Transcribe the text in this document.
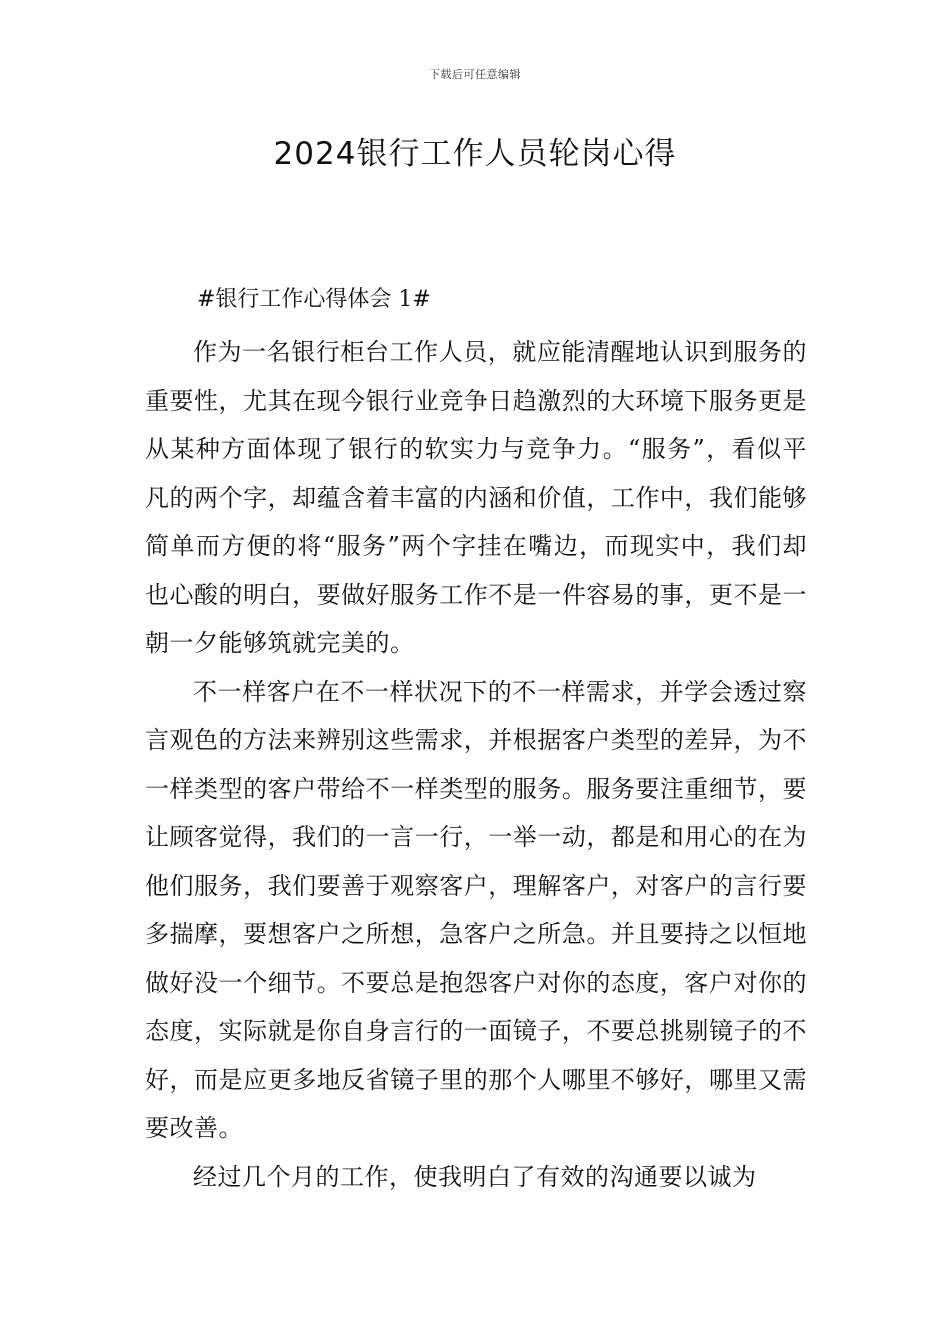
下载后可任意编辑
2024银行工作人员轮岗心得

#银行工作心得体会 1#

作为一名银行柜台工作人员，就应能清醒地认识到服务的重要性，尤其在现今银行业竞争日趋激烈的大环境下服务更是从某种方面体现了银行的软实力与竞争力。“服务”，看似平凡的两个字，却蕴含着丰富的内涵和价值，工作中，我们能够简单而方便的将“服务”两个字挂在嘴边，而现实中，我们却也心酸的明白，要做好服务工作不是一件容易的事，更不是一朝一夕能够筑就完美的。

不一样客户在不一样状况下的不一样需求，并学会透过察言观色的方法来辨别这些需求，并根据客户类型的差异，为不一样类型的客户带给不一样类型的服务。服务要注重细节，要让顾客觉得，我们的一言一行，一举一动，都是和用心的在为他们服务，我们要善于观察客户，理解客户，对客户的言行要多揣摩，要想客户之所想，急客户之所急。并且要持之以恒地做好没一个细节。不要总是抱怨客户对你的态度，客户对你的态度，实际就是你自身言行的一面镜子，不要总挑剔镜子的不好，而是应更多地反省镜子里的那个人哪里不够好，哪里又需要改善。

经过几个月的工作，使我明白了有效的沟通要以诚为
